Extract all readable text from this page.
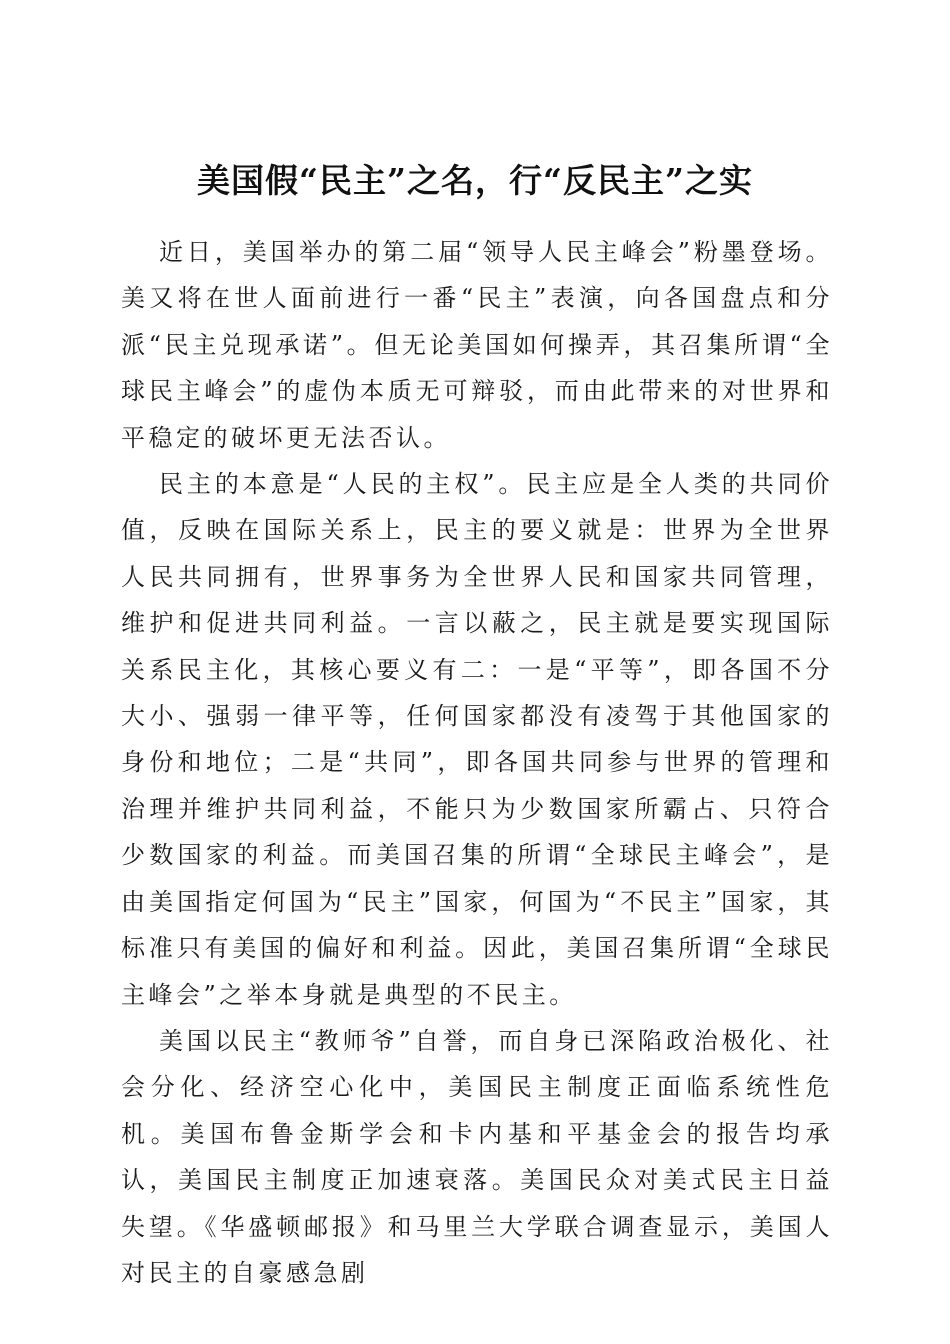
美国假“民主”之名，行“反民主”之实

近日，美国举办的第二届“领导人民主峰会”粉墨登场。美又将在世人面前进行一番“民主”表演，向各国盘点和分派“民主兑现承诺”。但无论美国如何操弄，其召集所谓“全球民主峰会”的虚伪本质无可辩驳，而由此带来的对世界和平稳定的破坏更无法否认。

民主的本意是“人民的主权”。民主应是全人类的共同价值，反映在国际关系上，民主的要义就是：世界为全世界人民共同拥有，世界事务为全世界人民和国家共同管理，维护和促进共同利益。一言以蔽之，民主就是要实现国际关系民主化，其核心要义有二：一是“平等”，即各国不分大小、强弱一律平等，任何国家都没有凌驾于其他国家的身份和地位；二是“共同”，即各国共同参与世界的管理和治理并维护共同利益，不能只为少数国家所霸占、只符合少数国家的利益。而美国召集的所谓“全球民主峰会”，是由美国指定何国为“民主”国家，何国为“不民主”国家，其标准只有美国的偏好和利益。因此，美国召集所谓“全球民主峰会”之举本身就是典型的不民主。

美国以民主“教师爷”自誉，而自身已深陷政治极化、社会分化、经济空心化中，美国民主制度正面临系统性危机。美国布鲁金斯学会和卡内基和平基金会的报告均承认，美国民主制度正加速衰落。美国民众对美式民主日益失望。《华盛顿邮报》和马里兰大学联合调查显示，美国人对民主的自豪感急剧
